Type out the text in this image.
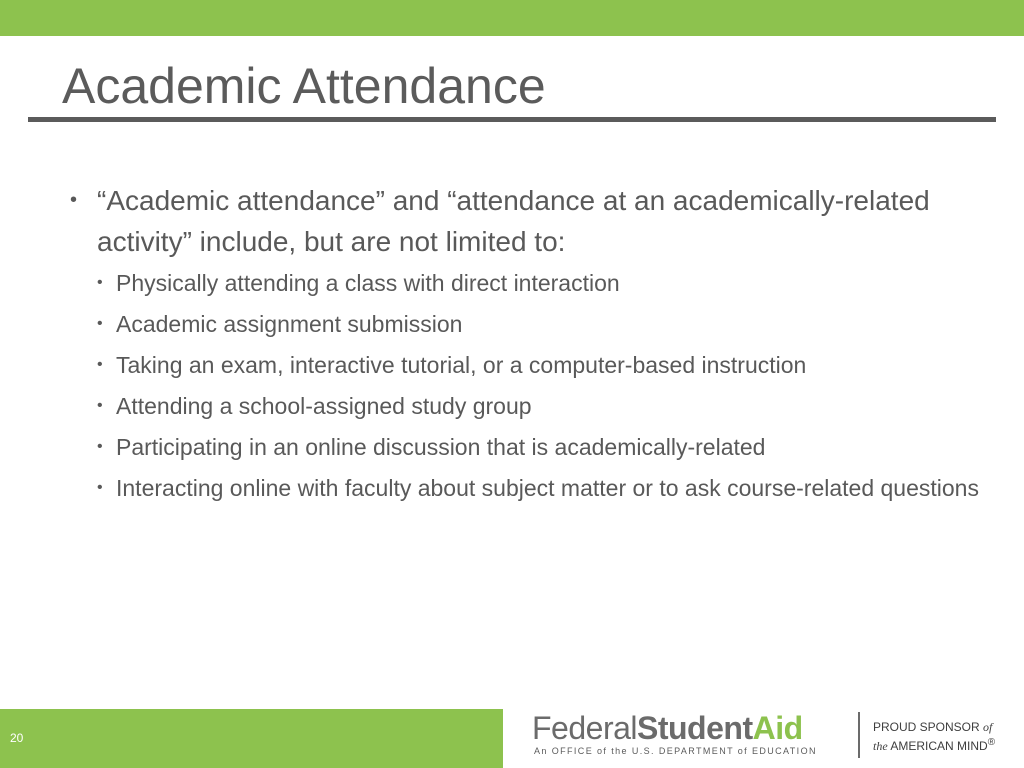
Academic Attendance
• “Academic attendance” and “attendance at an academically-related activity” include, but are not limited to:
• Physically attending a class with direct interaction
• Academic assignment submission
• Taking an exam, interactive tutorial, or a computer-based instruction
• Attending a school-assigned study group
• Participating in an online discussion that is academically-related
• Interacting online with faculty about subject matter or to ask course-related questions
20	FederalStudentAid
An OFFICE of the U.S. DEPARTMENT of EDUCATION
PROUD SPONSOR of
the AMERICAN MIND®
